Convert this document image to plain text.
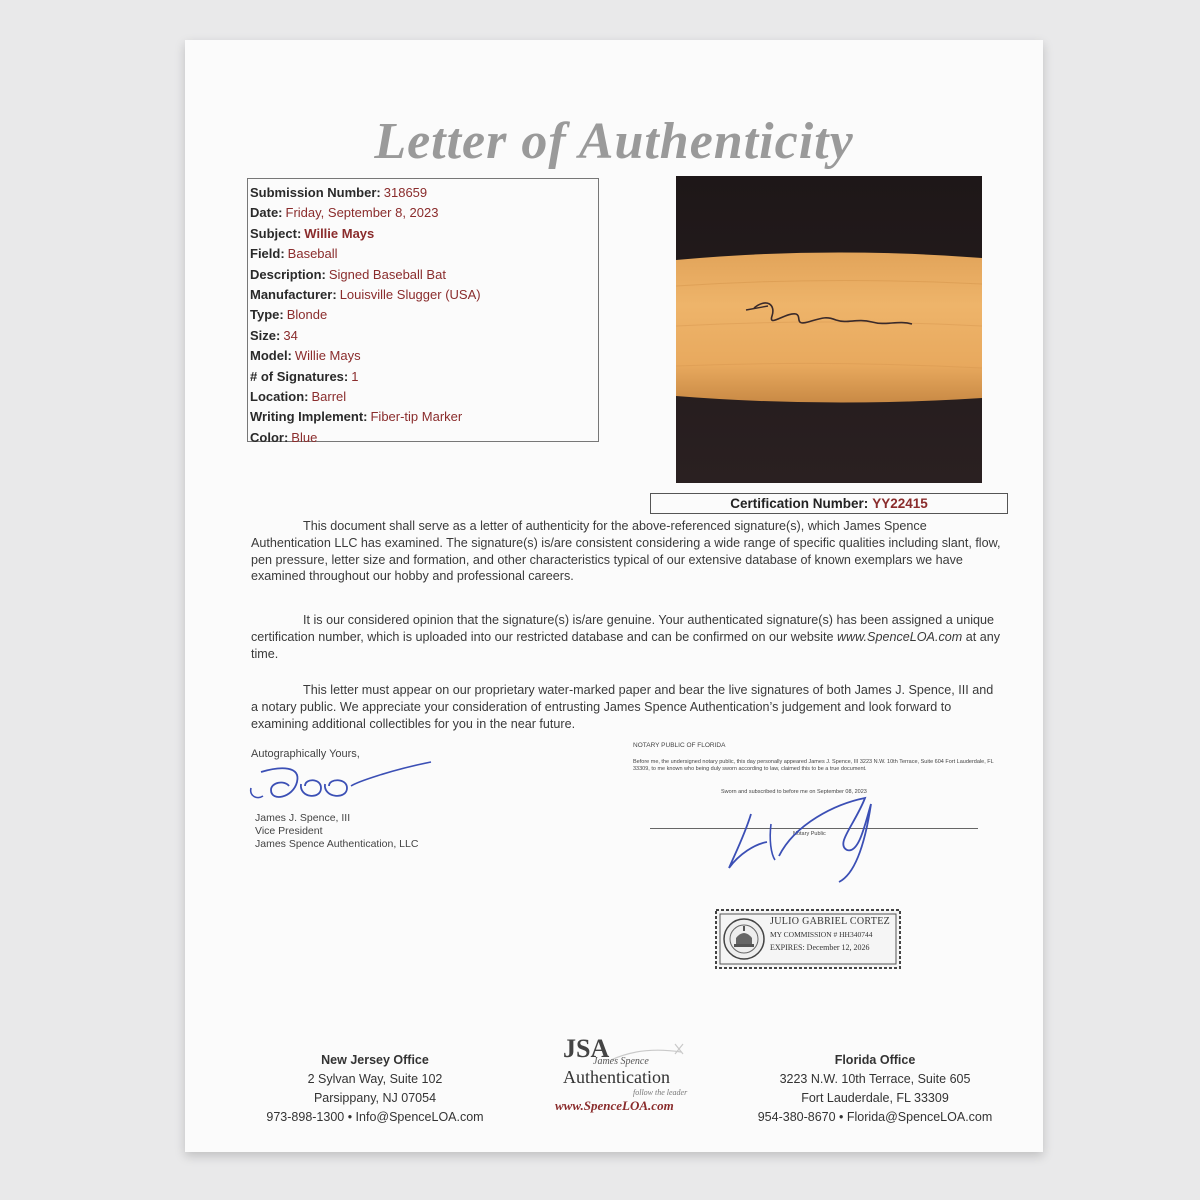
Letter of Authenticity
Submission Number: 318659
Date: Friday, September 8, 2023
Subject: Willie Mays
Field: Baseball
Description: Signed Baseball Bat
Manufacturer: Louisville Slugger (USA)
Type: Blonde
Size: 34
Model: Willie Mays
# of Signatures: 1
Location: Barrel
Writing Implement: Fiber-tip Marker
Color: Blue
Certification Number: YY22415

This document shall serve as a letter of authenticity for the above-referenced signature(s), which James Spence Authentication LLC has examined. The signature(s) is/are consistent considering a wide range of specific qualities including slant, flow, pen pressure, letter size and formation, and other characteristics typical of our extensive database of known exemplars we have examined throughout our hobby and professional careers.

It is our considered opinion that the signature(s) is/are genuine. Your authenticated signature(s) has been assigned a unique certification number, which is uploaded into our restricted database and can be confirmed on our website www.SpenceLOA.com at any time.

This letter must appear on our proprietary water-marked paper and bear the live signatures of both James J. Spence, III and a notary public. We appreciate your consideration of entrusting James Spence Authentication’s judgement and look forward to examining additional collectibles for you in the near future.

Autographically Yours,
James J. Spence, III
Vice President
James Spence Authentication, LLC
NOTARY PUBLIC OF FLORIDA
Before me, the undersigned notary public, this day personally appeared James J. Spence, III 3223 N.W. 10th Terrace, Suite 604 Fort Lauderdale, FL 33309, to me known who being duly sworn according to law, claimed this to be a true document.
Sworn and subscribed to before me on September 08, 2023
Notary Public
JULIO GABRIEL CORTEZ
MY COMMISSION # HH340744
EXPIRES: December 12, 2026
New Jersey Office
2 Sylvan Way, Suite 102
Parsippany, NJ 07054
973-898-1300 • Info@SpenceLOA.com
JSA
James Spence
Authentication
follow the leader
www.SpenceLOA.com
Florida Office
3223 N.W. 10th Terrace, Suite 605
Fort Lauderdale, FL 33309
954-380-8670 • Florida@SpenceLOA.com
